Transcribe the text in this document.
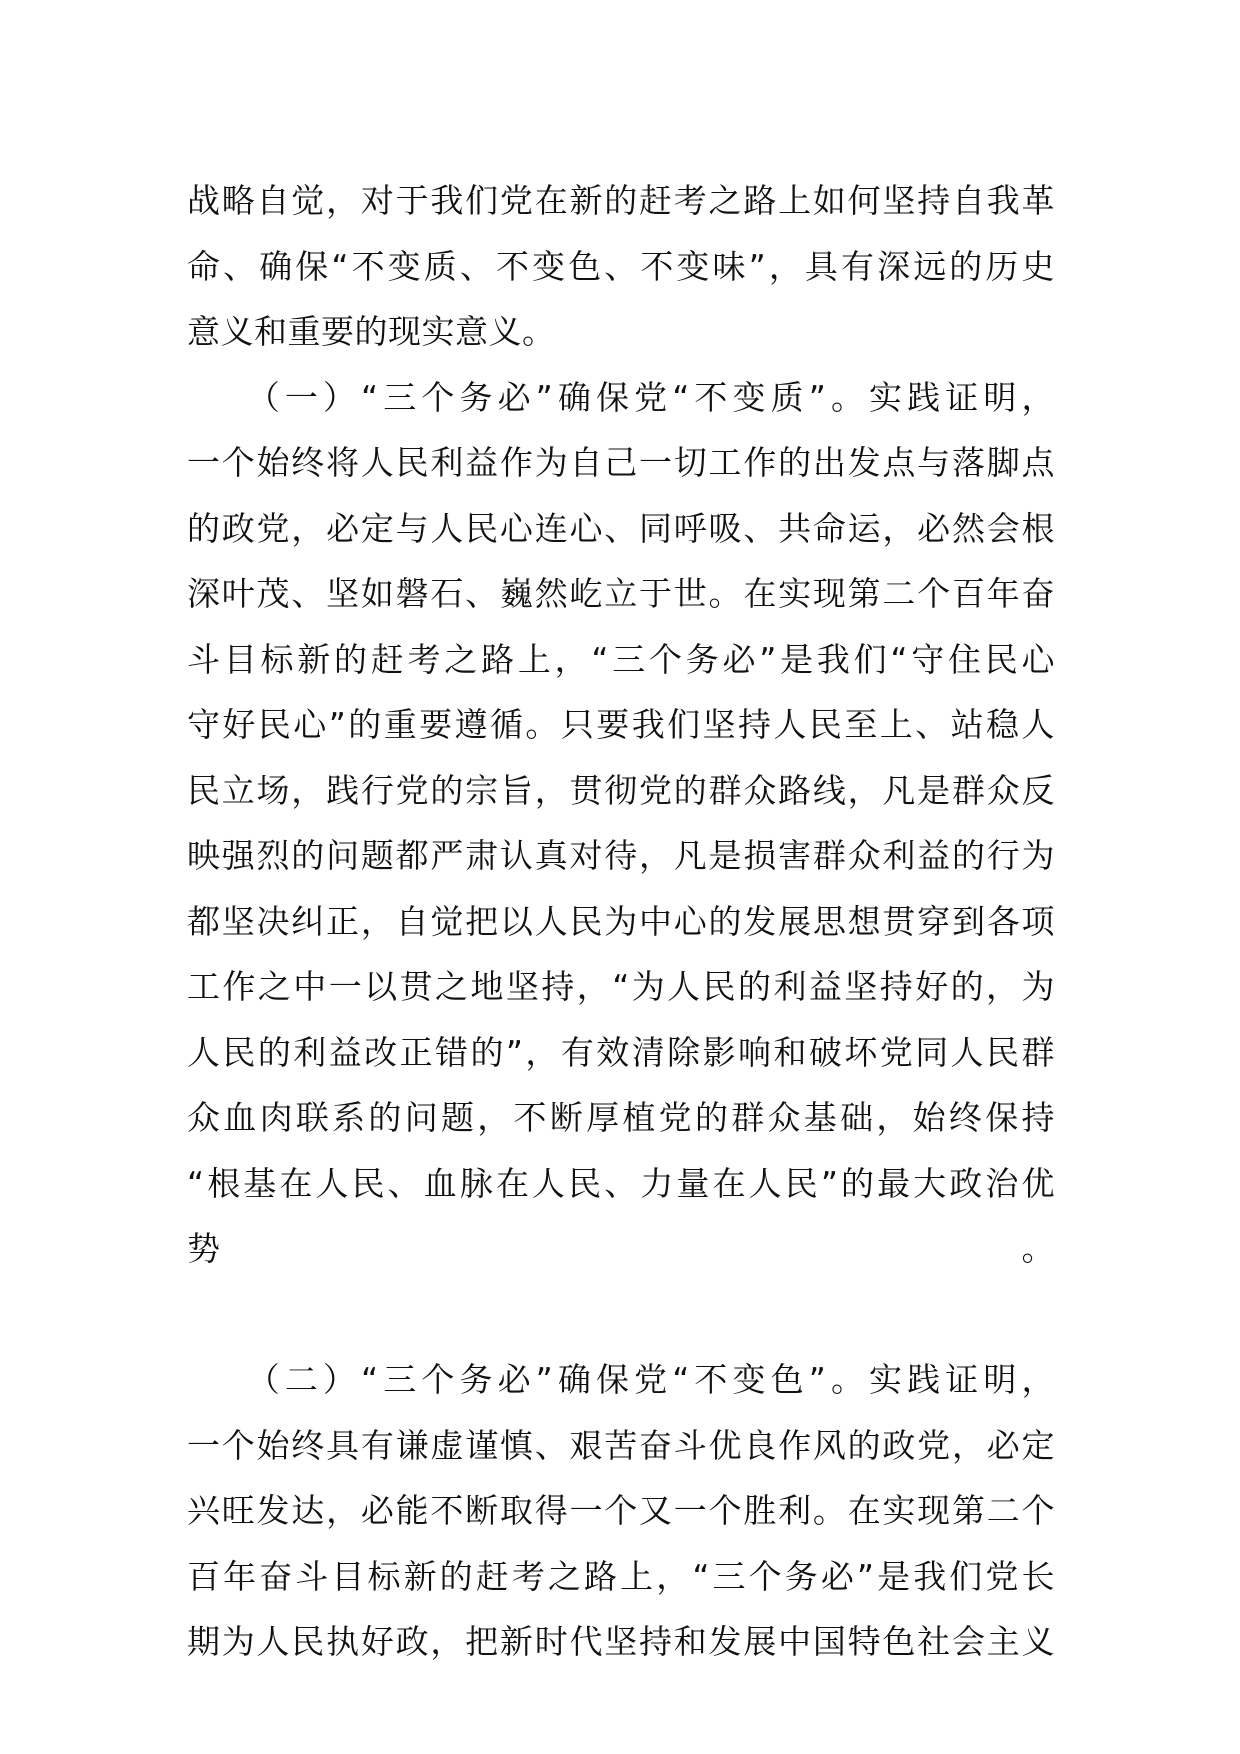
战略自觉，对于我们党在新的赶考之路上如何坚持自我革
命、确保“不变质、不变色、不变味”，具有深远的历史
意义和重要的现实意义。

　　（一）“三个务必”确保党“不变质”。实践证明，
一个始终将人民利益作为自己一切工作的出发点与落脚点
的政党，必定与人民心连心、同呼吸、共命运，必然会根
深叶茂、坚如磐石、巍然屹立于世。在实现第二个百年奋
斗目标新的赶考之路上，“三个务必”是我们“守住民心
守好民心”的重要遵循。只要我们坚持人民至上、站稳人
民立场，践行党的宗旨，贯彻党的群众路线，凡是群众反
映强烈的问题都严肃认真对待，凡是损害群众利益的行为
都坚决纠正，自觉把以人民为中心的发展思想贯穿到各项
工作之中一以贯之地坚持，“为人民的利益坚持好的，为
人民的利益改正错的”，有效清除影响和破坏党同人民群
众血肉联系的问题，不断厚植党的群众基础，始终保持
“根基在人民、血脉在人民、力量在人民”的最大政治优
势。

　　（二）“三个务必”确保党“不变色”。实践证明，
一个始终具有谦虚谨慎、艰苦奋斗优良作风的政党，必定
兴旺发达，必能不断取得一个又一个胜利。在实现第二个
百年奋斗目标新的赶考之路上，“三个务必”是我们党长
期为人民执好政，把新时代坚持和发展中国特色社会主义
